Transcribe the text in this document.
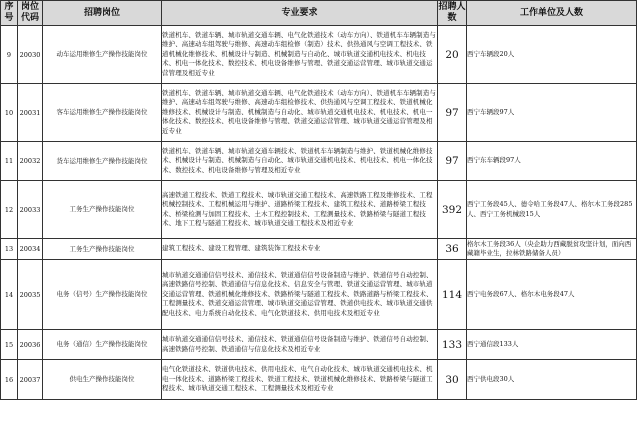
序号	岗位代码	招聘岗位	专业要求	招聘人数	工作单位及人数
9	20030	动车运用维修生产操作技能岗位	铁道机车、铁道车辆、城市轨道交通车辆、电气化铁道技术（动车方向）、铁道机车车辆制造与维护、高速动车组驾驶与维修、高速动车组检修（制造）技术、供热通风与空调工程技术、铁道机械化维修技术、机械设计与制造、机械制造与自动化、城市轨道交通机电技术、机电技术、机电一体化技术、数控技术、机电设备维修与管理、铁道交通运营管理、城市轨道交通运营管理及相近专业	20	西宁车辆段20人
10	20031	客车运用维修生产操作技能岗位	铁道机车、铁道车辆、城市轨道交通车辆、电气化铁道技术（动车方向）、铁道机车车辆制造与维护、高速动车组驾驶与维修、高速动车组检修技术、供热通风与空调工程技术、铁道机械化维修技术、机械设计与制造、机械制造与自动化、城市轨道交通机电技术、机电技术、机电一体化技术、数控技术、机电设备维修与管理、铁道交通运营管理、城市轨道交通运营管理及相近专业	97	西宁车辆段97人
11	20032	货车运用维修生产操作技能岗位	铁道机车、铁道车辆、城市轨道交通车辆技术、铁道机车车辆制造与维护、铁道机械化维修技术、机械设计与制造、机械制造与自动化、城市轨道交通机电技术、机电技术、机电一体化技术、数控技术、机电设备维修与管理及相近专业	97	西宁东车辆段97人
12	20033	工务生产操作技能岗位	高速铁道工程技术、铁道工程技术、城市轨道交通工程技术、高速铁路工程及维修技术、工程机械控制技术、工程机械运用与维护、道路桥梁工程技术、建筑工程技术、道路桥梁工程技术、桥梁检测与加固工程技术、土木工程控制技术、工程测量技术、铁路桥梁与隧道工程技术、地下工程与隧道工程技术、城市轨道交通工程技术及相近专业	392	西宁工务段45人、德令哈工务段47人、格尔木工务段285人、西宁工务机械段15人
13	20034	工务生产操作技能岗位	建筑工程技术、建设工程管理、建筑装饰工程技术专业	36	格尔木工务段36人（央企助力西藏脱贫攻坚计划，面向西藏籍毕业生，拉林铁路储备人员）
14	20035	电务（信号）生产操作技能岗位	城市轨道交通通信信号技术、通信技术、铁道通信信号设备制造与维护、铁道信号自动控制、高速铁路信号控制、铁道通信与信息化技术、信息安全与管理、铁道交通运营管理、城市轨道交通运营管理、铁道机械化维修技术、铁路桥梁与隧道工程技术、铁路道路与桥梁工程技术、工程测量技术、铁道交通运营管理、城市轨道交通运营管理、铁道供电技术、城市轨道交通供配电技术、电力系统自动化技术、电气化铁道技术、供用电技术及相近专业	114	西宁电务段67人、格尔木电务段47人
15	20036	电务（通信）生产操作技能岗位	城市轨道交通通信信号技术、通信技术、铁道通信信号设备制造与维护、铁道信号自动控制、高速铁路信号控制、铁道通信与信息化技术及相近专业	133	西宁通信段133人
16	20037	供电生产操作技能岗位	电气化铁道技术、铁道供电技术、供用电技术、电气自动化技术、城市轨道交通机电技术、机电一体化技术、道路桥梁工程技术、铁道工程技术、铁道机械化维修技术、铁路桥梁与隧道工程技术、城市轨道交通工程技术、工程测量技术及相近专业	30	西宁供电段30人
